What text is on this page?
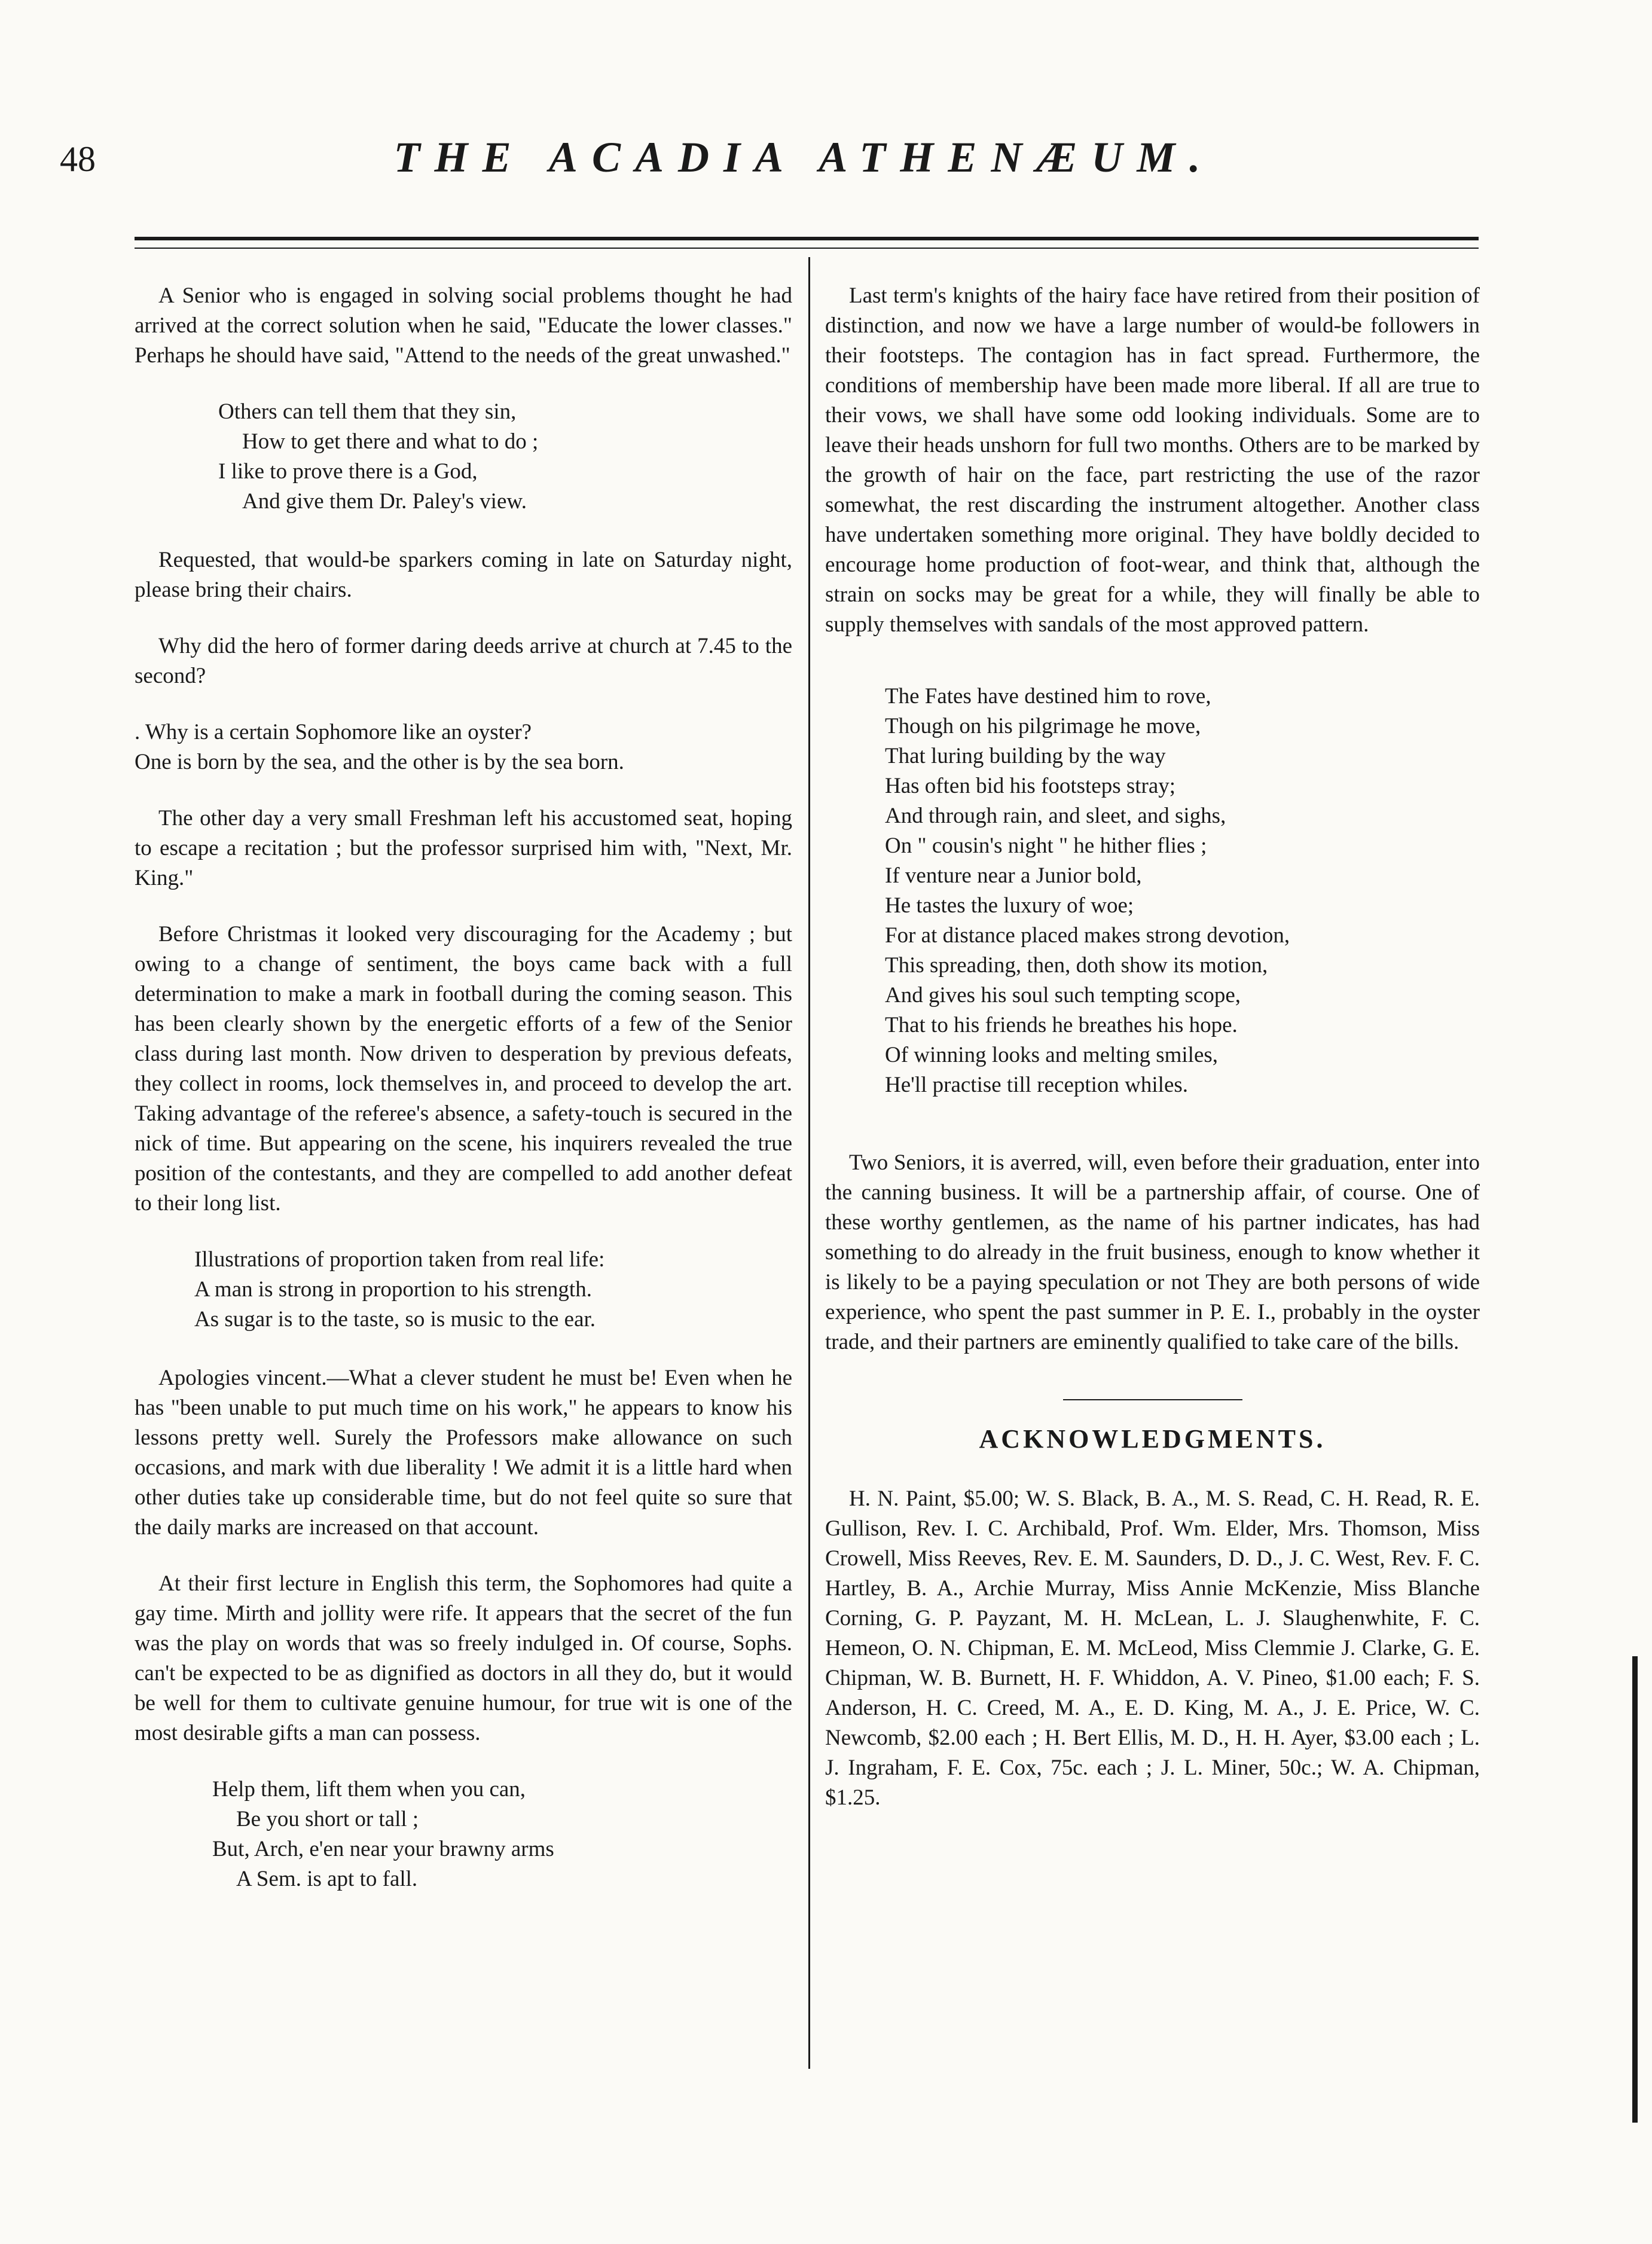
48	THE ACADIA ATHENÆUM.

A Senior who is engaged in solving social problems thought he had arrived at the correct solution when he said, "Educate the lower classes." Perhaps he should have said, "Attend to the needs of the great unwashed."

Others can tell them that they sin,
How to get there and what to do ;
I like to prove there is a God,
And give them Dr. Paley's view.

Requested, that would-be sparkers coming in late on Saturday night, please bring their chairs.

Why did the hero of former daring deeds arrive at church at 7.45 to the second?

. Why is a certain Sophomore like an oyster?
One is born by the sea, and the other is by the sea born.

The other day a very small Freshman left his accustomed seat, hoping to escape a recitation ; but the professor surprised him with, "Next, Mr. King."

Before Christmas it looked very discouraging for the Academy ; but owing to a change of sentiment, the boys came back with a full determination to make a mark in football during the coming season. This has been clearly shown by the energetic efforts of a few of the Senior class during last month. Now driven to desperation by previous defeats, they collect in rooms, lock themselves in, and proceed to develop the art. Taking advantage of the referee's absence, a safety-touch is secured in the nick of time. But appearing on the scene, his inquirers revealed the true position of the contestants, and they are compelled to add another defeat to their long list.

Illustrations of proportion taken from real life:
A man is strong in proportion to his strength.
As sugar is to the taste, so is music to the ear.

Apologies vincent.—What a clever student he must be! Even when he has "been unable to put much time on his work," he appears to know his lessons pretty well. Surely the Professors make allowance on such occasions, and mark with due liberality ! We admit it is a little hard when other duties take up considerable time, but do not feel quite so sure that the daily marks are increased on that account.

At their first lecture in English this term, the Sophomores had quite a gay time. Mirth and jollity were rife. It appears that the secret of the fun was the play on words that was so freely indulged in. Of course, Sophs. can't be expected to be as dignified as doctors in all they do, but it would be well for them to cultivate genuine humour, for true wit is one of the most desirable gifts a man can possess.

Help them, lift them when you can,
Be you short or tall ;
But, Arch, e'en near your brawny arms
A Sem. is apt to fall.

Last term's knights of the hairy face have retired from their position of distinction, and now we have a large number of would-be followers in their footsteps. The contagion has in fact spread. Furthermore, the conditions of membership have been made more liberal. If all are true to their vows, we shall have some odd looking individuals. Some are to leave their heads unshorn for full two months. Others are to be marked by the growth of hair on the face, part restricting the use of the razor somewhat, the rest discarding the instrument altogether. Another class have undertaken something more original. They have boldly decided to encourage home production of foot-wear, and think that, although the strain on socks may be great for a while, they will finally be able to supply themselves with sandals of the most approved pattern.

The Fates have destined him to rove,
Though on his pilgrimage he move,
That luring building by the way
Has often bid his footsteps stray;
And through rain, and sleet, and sighs,
On " cousin's night " he hither flies ;
If venture near a Junior bold,
He tastes the luxury of woe;
For at distance placed makes strong devotion,
This spreading, then, doth show its motion,
And gives his soul such tempting scope,
That to his friends he breathes his hope.
Of winning looks and melting smiles,
He'll practise till reception whiles.

Two Seniors, it is averred, will, even before their graduation, enter into the canning business. It will be a partnership affair, of course. One of these worthy gentlemen, as the name of his partner indicates, has had something to do already in the fruit business, enough to know whether it is likely to be a paying speculation or not They are both persons of wide experience, who spent the past summer in P. E. I., probably in the oyster trade, and their partners are eminently qualified to take care of the bills.

ACKNOWLEDGMENTS.

H. N. Paint, $5.00; W. S. Black, B. A., M. S. Read, C. H. Read, R. E. Gullison, Rev. I. C. Archibald, Prof. Wm. Elder, Mrs. Thomson, Miss Crowell, Miss Reeves, Rev. E. M. Saunders, D. D., J. C. West, Rev. F. C. Hartley, B. A., Archie Murray, Miss Annie McKenzie, Miss Blanche Corning, G. P. Payzant, M. H. McLean, L. J. Slaughenwhite, F. C. Hemeon, O. N. Chipman, E. M. McLeod, Miss Clemmie J. Clarke, G. E. Chipman, W. B. Burnett, H. F. Whiddon, A. V. Pineo, $1.00 each; F. S. Anderson, H. C. Creed, M. A., E. D. King, M. A., J. E. Price, W. C. Newcomb, $2.00 each ; H. Bert Ellis, M. D., H. H. Ayer, $3.00 each ; L. J. Ingraham, F. E. Cox, 75c. each ; J. L. Miner, 50c.; W. A. Chipman, $1.25.
